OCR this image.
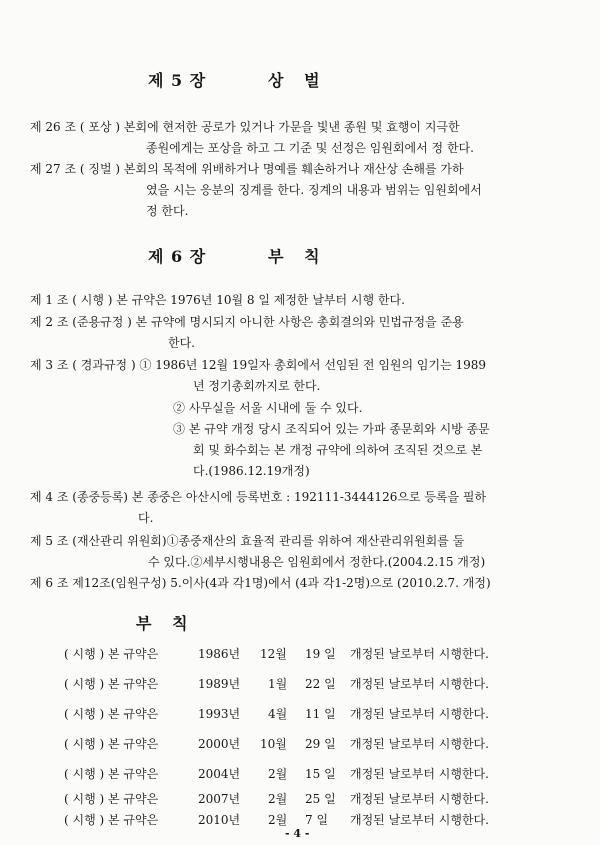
제 5 장	상   벌
제 26 조 ( 포상 ) 본회에 현저한 공로가 있거나 가문을 빛낸 종원 및 효행이 지극한
종원에게는 포상을 하고 그 기준 및 선정은 임원회에서 정 한다.
제 27 조 ( 징벌 ) 본회의 목적에 위배하거나 명예를 훼손하거나 재산상 손해를 가하
였을 시는 응분의 징계를 한다. 징계의 내용과 범위는 임원회에서
정 한다.
제 6 장	부   칙
제 1 조 ( 시행 ) 본 규약은 1976년 10월 8 일 제정한 날부터 시행 한다.
제 2 조 (준용규정 ) 본 규약에 명시되지 아니한 사항은 총회결의와 민법규정을 준용
한다.
제 3 조 ( 경과규정 ) ① 1986년 12월 19일자 총회에서 선임된 전 임원의 임기는 1989
년 정기총회까지로 한다.
② 사무실을 서울 시내에 둘 수 있다.
③ 본 규약 개정 당시 조직되어 있는 가파 종문회와 시방 종문
회 및 화수회는 본 개정 규약에 의하여 조직된 것으로 본
다.(1986.12.19개정)
제 4 조 (종중등록) 본 종중은 아산시에 등록번호 : 192111-3444126으로 등록을 필하
다.
제 5 조 (재산관리 위원회)①종중재산의 효율적 관리를 위하여 재산관리위원회를 둘
수 있다.②세부시행내용은 임원회에서 정한다.(2004.2.15 개정)
제 6 조 제12조(임원구성) 5.이사(4과 각1명)에서 (4과 각1-2명)으로 (2010.2.7. 개정)
부   칙
( 시행 ) 본 규약은	1986년 12월 19 일 개정된 날로부터 시행한다.
( 시행 ) 본 규약은	1989년 1월 22 일 개정된 날로부터 시행한다.
( 시행 ) 본 규약은	1993년 4월 11 일 개정된 날로부터 시행한다.
( 시행 ) 본 규약은	2000년 10월 29 일 개정된 날로부터 시행한다.
( 시행 ) 본 규약은	2004년 2월 15 일 개정된 날로부터 시행한다.
( 시행 ) 본 규약은	2007년 2월 25 일 개정된 날로부터 시행한다.
( 시행 ) 본 규약은	2010년 2월 7 일 개정된 날로부터 시행한다.
- 4 -
